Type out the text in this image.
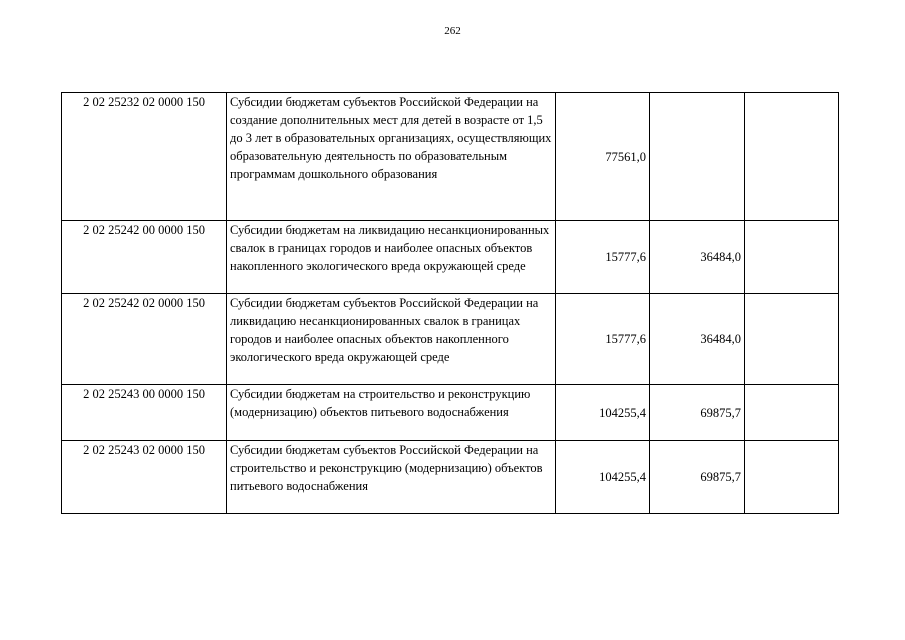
262
2 02 25232 02 0000 150	Субсидии бюджетам субъектов Российской Федерации на создание дополнительных мест для детей в возрасте от 1,5 до 3 лет в образовательных организациях, осуществляющих образовательную деятельность по образовательным программам дошкольного образования	77561,0		
2 02 25242 00 0000 150	Субсидии бюджетам на ликвидацию несанкционированных свалок в границах городов и наиболее опасных объектов накопленного экологического вреда окружающей среде	15777,6	36484,0	
2 02 25242 02 0000 150	Субсидии бюджетам субъектов Российской Федерации на ликвидацию несанкционированных свалок в границах городов и наиболее опасных объектов накопленного экологического вреда окружающей среде	15777,6	36484,0	
2 02 25243 00 0000 150	Субсидии бюджетам на строительство и реконструкцию (модернизацию) объектов питьевого водоснабжения	104255,4	69875,7	
2 02 25243 02 0000 150	Субсидии бюджетам субъектов Российской Федерации на строительство и реконструкцию (модернизацию) объектов питьевого водоснабжения	104255,4	69875,7	
